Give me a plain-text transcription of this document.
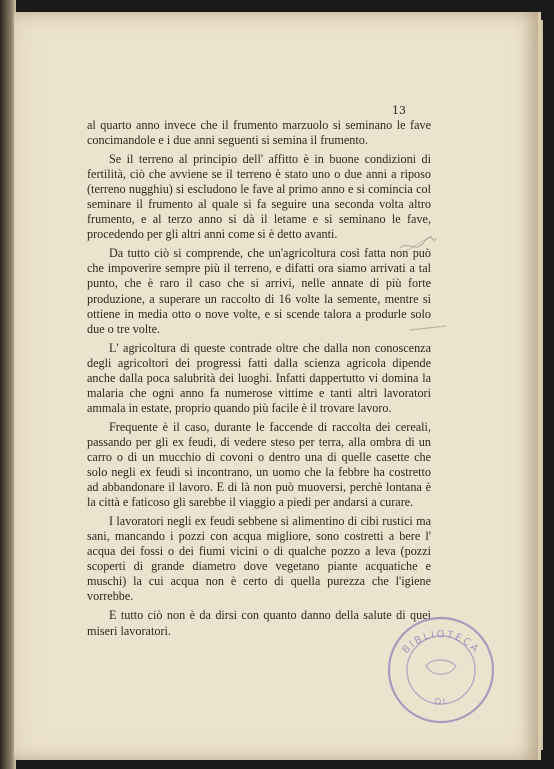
13

al quarto anno invece che il frumento marzuolo si seminano le fave concimandole e i due anni seguenti si semina il frumento.

Se il terreno al principio dell' affitto è in buone condizioni di fertilità, ciò che avviene se il terreno è stato uno o due anni a riposo (terreno nugghiu) si escludono le fave al primo anno e si comincia col seminare il frumento al quale si fa seguire una seconda volta altro frumento, e al terzo anno si dà il letame e si seminano le fave, procedendo per gli altri anni come si è detto avanti.

Da tutto ciò si comprende, che un'agricoltura così fatta non può che impoverire sempre più il terreno, e difatti ora siamo arrivati a tal punto, che è raro il caso che si arrivi, nelle annate di più forte produzione, a superare un raccolto di 16 volte la semente, mentre si ottiene in media otto o nove volte, e si scende talora a produrle solo due o tre volte.

L' agricoltura di queste contrade oltre che dalla non conoscenza degli agricoltori dei progressi fatti dalla scienza agricola dipende anche dalla poca salubrità dei luoghi. Infatti dappertutto vi domina la malaria che ogni anno fa numerose vittime e tanti altri lavoratori ammala in estate, proprio quando più facile è il trovare lavoro.

Frequente è il caso, durante le faccende di raccolta dei cereali, passando per gli ex feudi, di vedere steso per terra, alla ombra di un carro o di un mucchio di covoni o dentro una di quelle casette che solo negli ex feudi si incontrano, un uomo che la febbre ha costretto ad abbandonare il lavoro. E di là non può muoversi, perchè lontana è la città e faticoso gli sarebbe il viaggio a piedi per andarsi a curare.

I lavoratori negli ex feudi sebbene si alimentino di cibi rustici ma sani, mancando i pozzi con acqua migliore, sono costretti a bere l' acqua dei fossi o dei fiumi vicini o di qualche pozzo a leva (pozzi scoperti di grande diametro dove vegetano piante acquatiche e muschi) la cui acqua non è certo di quella purezza che l'igiene vorrebbe.

E tutto ciò non è da dirsi con quanto danno della salute di quei miseri lavoratori.

BIBLIOTECA
DI
